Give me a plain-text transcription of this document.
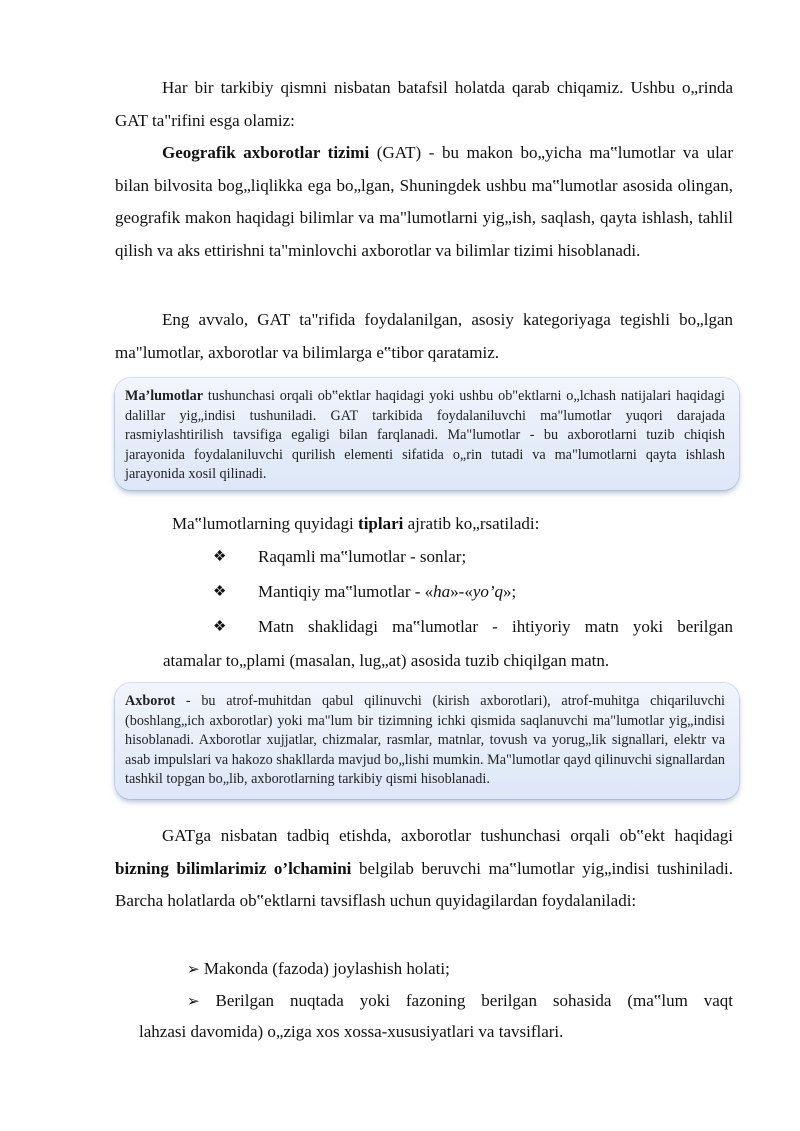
Har bir tarkibiy qismni nisbatan batafsil holatda qarab chiqamiz. Ushbu o„rinda GAT ta"rifini esga olamiz:

Geografik axborotlar tizimi (GAT) - bu makon bo„yicha ma‟lumotlar va ular bilan bilvosita bog„liqlikka ega bo„lgan, Shuningdek ushbu ma‟lumotlar asosida olingan, geografik makon haqidagi bilimlar va ma"lumotlarni yig„ish, saqlash, qayta ishlash, tahlil qilish va aks ettirishni ta"minlovchi axborotlar va bilimlar tizimi hisoblanadi.

Eng avvalo, GAT ta"rifida foydalanilgan, asosiy kategoriyaga tegishli bo„lgan ma"lumotlar, axborotlar va bilimlarga e‟tibor qaratamiz.

Ma’lumotlar tushunchasi orqali ob‟ektlar haqidagi yoki ushbu ob"ektlarni o„lchash natijalari haqidagi dalillar yig„indisi tushuniladi. GAT tarkibida foydalaniluvchi ma"lumotlar yuqori darajada rasmiylashtirilish tavsifiga egaligi bilan farqlanadi. Ma"lumotlar - bu axborotlarni tuzib chiqish jarayonida foydalaniluvchi qurilish elementi sifatida o„rin tutadi va ma"lumotlarni qayta ishlash jarayonida xosil qilinadi.

Ma‟lumotlarning quyidagi tiplari ajratib ko„rsatiladi:

❖ Raqamli ma‟lumotlar - sonlar;
❖ Mantiqiy ma‟lumotlar - «ha»-«yo’q»;
❖ Matn shaklidagi ma‟lumotlar - ihtiyoriy matn yoki berilgan

atamalar to„plami (masalan, lug„at) asosida tuzib chiqilgan matn.

Axborot - bu atrof-muhitdan qabul qilinuvchi (kirish axborotlari), atrof-muhitga chiqariluvchi (boshlang„ich axborotlar) yoki ma"lum bir tizimning ichki qismida saqlanuvchi ma"lumotlar yig„indisi hisoblanadi. Axborotlar xujjatlar, chizmalar, rasmlar, matnlar, tovush va yorug„lik signallari, elektr va asab impulslari va hakozo shakllarda mavjud bo„lishi mumkin. Ma"lumotlar qayd qilinuvchi signallardan tashkil topgan bo„lib, axborotlarning tarkibiy qismi hisoblanadi.

GATga nisbatan tadbiq etishda, axborotlar tushunchasi orqali ob‟ekt haqidagi bizning bilimlarimiz o’lchamini belgilab beruvchi ma‟lumotlar yig„indisi tushiniladi. Barcha holatlarda ob‟ektlarni tavsiflash uchun quyidagilardan foydalaniladi:

➢ Makonda (fazoda) joylashish holati;
➢ Berilgan nuqtada yoki fazoning berilgan sohasida (ma‟lum vaqt

lahzasi davomida) o„ziga xos xossa-xususiyatlari va tavsiflari.
